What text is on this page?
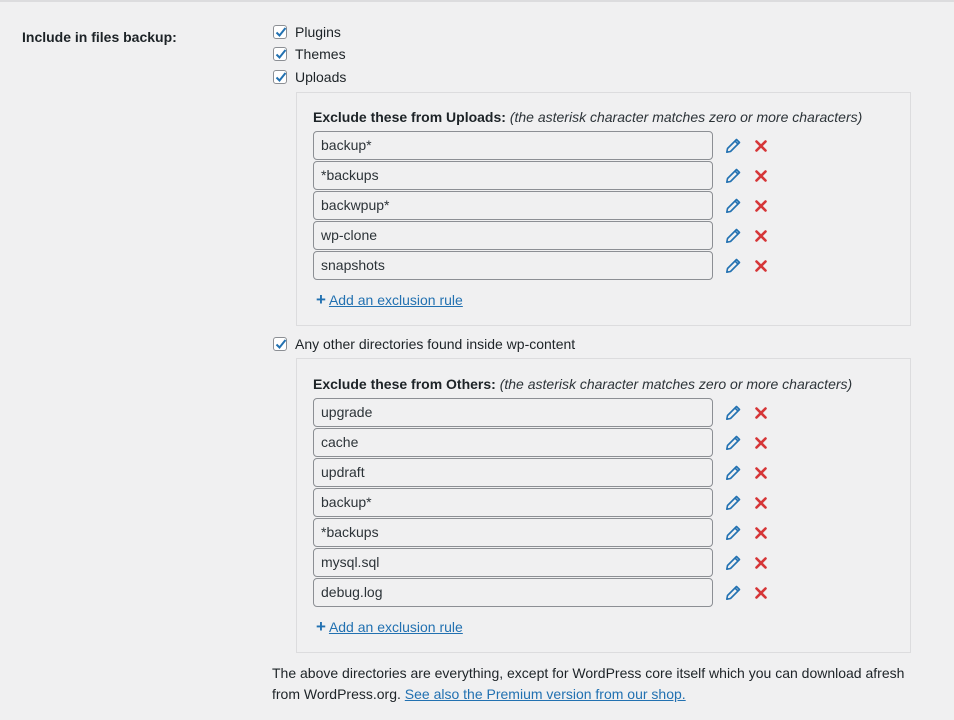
Include in files backup:	Plugins
Themes
Uploads
Exclude these from Uploads: (the asterisk character matches zero or more characters)
backup*
*backups
backwpup*
wp-clone
snapshots
+ Add an exclusion rule
Any other directories found inside wp-content
Exclude these from Others: (the asterisk character matches zero or more characters)
upgrade
cache
updraft
backup*
*backups
mysql.sql
debug.log
+ Add an exclusion rule
The above directories are everything, except for WordPress core itself which you can download afresh from WordPress.org. See also the Premium version from our shop.
